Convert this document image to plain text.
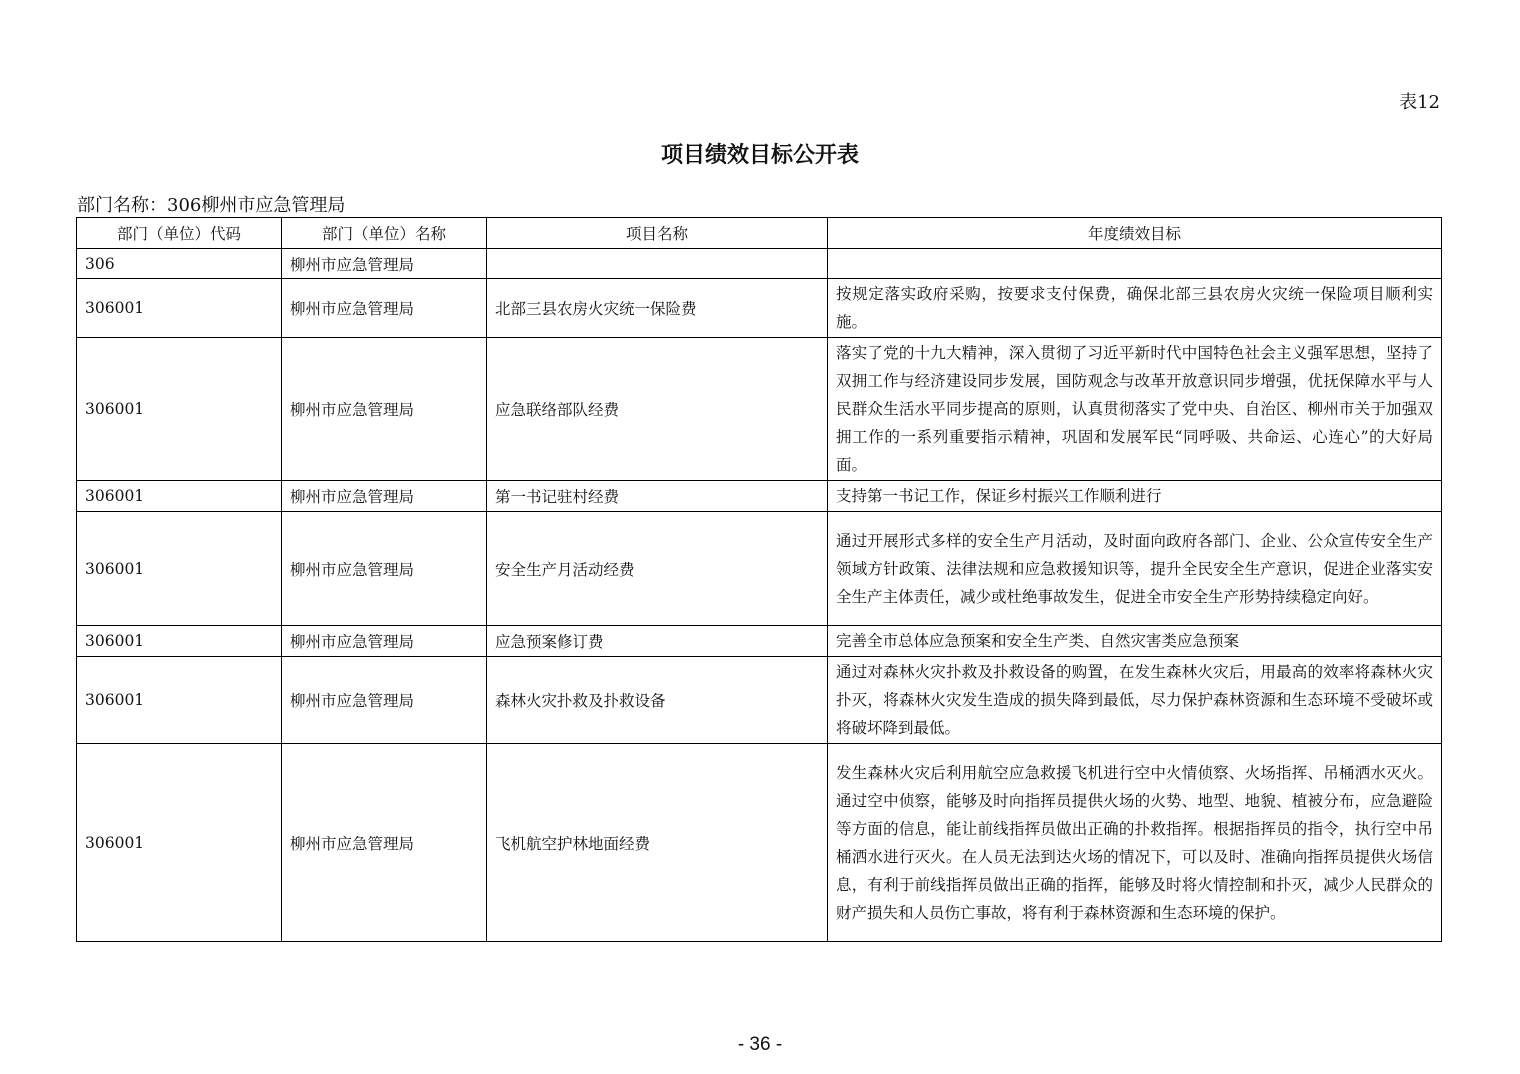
表12
项目绩效目标公开表
部门名称：306柳州市应急管理局
部门（单位）代码	部门（单位）名称	项目名称	年度绩效目标
306	柳州市应急管理局		
306001	柳州市应急管理局	北部三县农房火灾统一保险费	按规定落实政府采购，按要求支付保费，确保北部三县农房火灾统一保险项目顺利实施。
306001	柳州市应急管理局	应急联络部队经费	落实了党的十九大精神，深入贯彻了习近平新时代中国特色社会主义强军思想，坚持了双拥工作与经济建设同步发展，国防观念与改革开放意识同步增强，优抚保障水平与人民群众生活水平同步提高的原则，认真贯彻落实了党中央、自治区、柳州市关于加强双拥工作的一系列重要指示精神，巩固和发展军民“同呼吸、共命运、心连心”的大好局面。
306001	柳州市应急管理局	第一书记驻村经费	支持第一书记工作，保证乡村振兴工作顺利进行
306001	柳州市应急管理局	安全生产月活动经费	通过开展形式多样的安全生产月活动，及时面向政府各部门、企业、公众宣传安全生产领域方针政策、法律法规和应急救援知识等，提升全民安全生产意识，促进企业落实安全生产主体责任，减少或杜绝事故发生，促进全市安全生产形势持续稳定向好。
306001	柳州市应急管理局	应急预案修订费	完善全市总体应急预案和安全生产类、自然灾害类应急预案
306001	柳州市应急管理局	森林火灾扑救及扑救设备	通过对森林火灾扑救及扑救设备的购置，在发生森林火灾后，用最高的效率将森林火灾扑灭，将森林火灾发生造成的损失降到最低，尽力保护森林资源和生态环境不受破坏或将破坏降到最低。
306001	柳州市应急管理局	飞机航空护林地面经费	发生森林火灾后利用航空应急救援飞机进行空中火情侦察、火场指挥、吊桶洒水灭火。通过空中侦察，能够及时向指挥员提供火场的火势、地型、地貌、植被分布，应急避险等方面的信息，能让前线指挥员做出正确的扑救指挥。根据指挥员的指令，执行空中吊桶洒水进行灭火。在人员无法到达火场的情况下，可以及时、准确向指挥员提供火场信息，有利于前线指挥员做出正确的指挥，能够及时将火情控制和扑灭，减少人民群众的财产损失和人员伤亡事故，将有利于森林资源和生态环境的保护。
- 36 -
